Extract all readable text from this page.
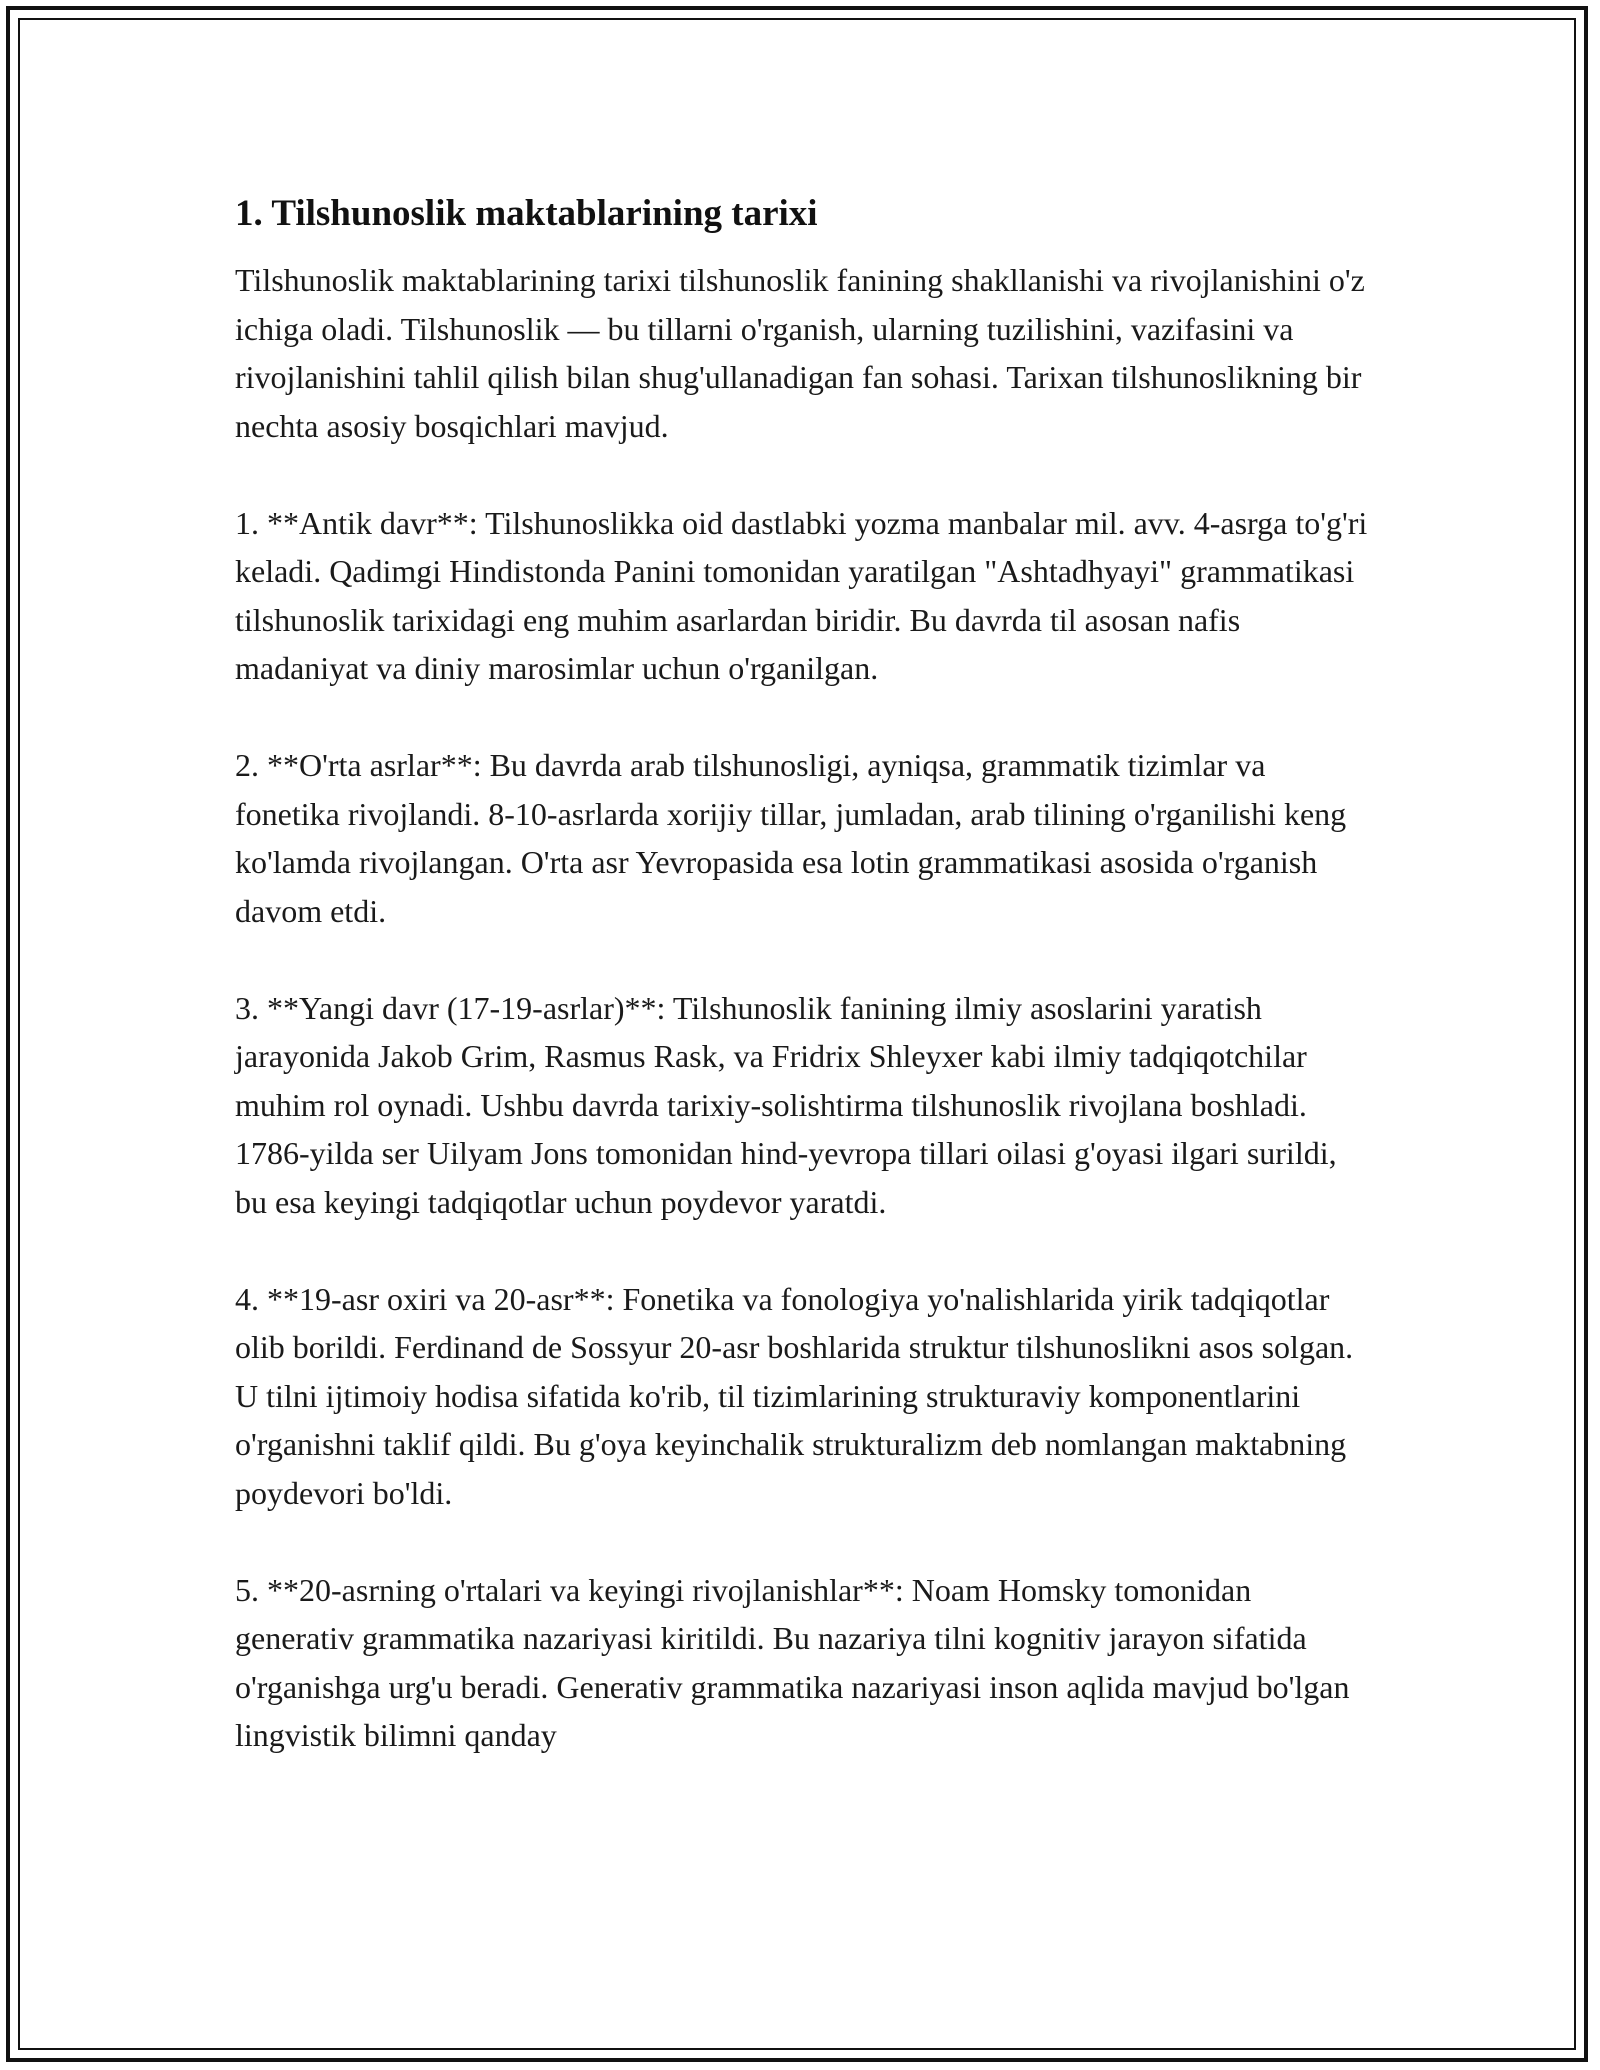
1. Tilshunoslik maktablarining tarixi

Tilshunoslik maktablarining tarixi tilshunoslik fanining shakllanishi va rivojlanishini o'z ichiga oladi. Tilshunoslik — bu tillarni o'rganish, ularning tuzilishini, vazifasini va rivojlanishini tahlil qilish bilan shug'ullanadigan fan sohasi. Tarixan tilshunoslikning bir nechta asosiy bosqichlari mavjud.

1. **Antik davr**: Tilshunoslikka oid dastlabki yozma manbalar mil. avv. 4-asrga to'g'ri keladi. Qadimgi Hindistonda Panini tomonidan yaratilgan "Ashtadhyayi" grammatikasi tilshunoslik tarixidagi eng muhim asarlardan biridir. Bu davrda til asosan nafis madaniyat va diniy marosimlar uchun o'rganilgan.

2. **O'rta asrlar**: Bu davrda arab tilshunosligi, ayniqsa, grammatik tizimlar va fonetika rivojlandi. 8-10-asrlarda xorijiy tillar, jumladan, arab tilining o'rganilishi keng ko'lamda rivojlangan. O'rta asr Yevropasida esa lotin grammatikasi asosida o'rganish davom etdi.

3. **Yangi davr (17-19-asrlar)**: Tilshunoslik fanining ilmiy asoslarini yaratish jarayonida Jakob Grim, Rasmus Rask, va Fridrix Shleyxer kabi ilmiy tadqiqotchilar muhim rol oynadi. Ushbu davrda tarixiy-solishtirma tilshunoslik rivojlana boshladi. 1786-yilda ser Uilyam Jons tomonidan hind-yevropa tillari oilasi g'oyasi ilgari surildi, bu esa keyingi tadqiqotlar uchun poydevor yaratdi.

4. **19-asr oxiri va 20-asr**: Fonetika va fonologiya yo'nalishlarida yirik tadqiqotlar olib borildi. Ferdinand de Sossyur 20-asr boshlarida struktur tilshunoslikni asos solgan. U tilni ijtimoiy hodisa sifatida ko'rib, til tizimlarining strukturaviy komponentlarini o'rganishni taklif qildi. Bu g'oya keyinchalik strukturalizm deb nomlangan maktabning poydevori bo'ldi.

5. **20-asrning o'rtalari va keyingi rivojlanishlar**: Noam Homsky tomonidan generativ grammatika nazariyasi kiritildi. Bu nazariya tilni kognitiv jarayon sifatida o'rganishga urg'u beradi. Generativ grammatika nazariyasi inson aqlida mavjud bo'lgan lingvistik bilimni qanday
